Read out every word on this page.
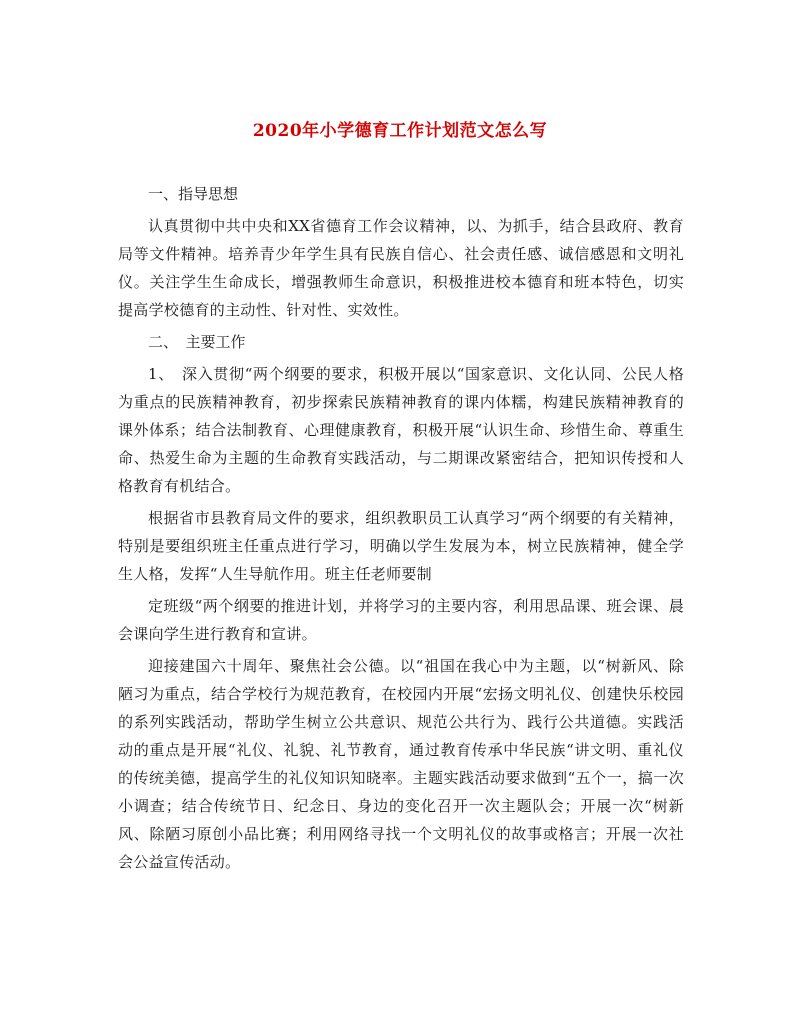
2020年小学德育工作计划范文怎么写
一、指导思想

认真贯彻中共中央和XX省德育工作会议精神，以、为抓手，结合县政府、教育局等文件精神。培养青少年学生具有民族自信心、社会责任感、诚信感恩和文明礼仪。关注学生生命成长，增强教师生命意识，积极推进校本德育和班本特色，切实提高学校德育的主动性、针对性、实效性。

二、　主要工作

1、　深入贯彻“两个纲要的要求，积极开展以“国家意识、文化认同、公民人格为重点的民族精神教育，初步探索民族精神教育的课内体糯，构建民族精神教育的课外体系；结合法制教育、心理健康教育，积极开展“认识生命、珍惜生命、尊重生命、热爱生命为主题的生命教育实践活动，与二期课改紧密结合，把知识传授和人格教育有机结合。

根据省市县教育局文件的要求，组织教职员工认真学习“两个纲要的有关精神，特别是要组织班主任重点进行学习，明确以学生发展为本，树立民族精神，健全学生人格，发挥“人生导航作用。班主任老师要制

定班级“两个纲要的推进计划，并将学习的主要内容，利用思品课、班会课、晨会课向学生进行教育和宣讲。

迎接建国六十周年、聚焦社会公德。以“祖国在我心中为主题，以“树新风、除陋习为重点，结合学校行为规范教育，在校园内开展“宏扬文明礼仪、创建快乐校园的系列实践活动，帮助学生树立公共意识、规范公共行为、践行公共道德。实践活动的重点是开展“礼仪、礼貌、礼节教育，通过教育传承中华民族“讲文明、重礼仪的传统美德，提高学生的礼仪知识知晓率。主题实践活动要求做到“五个一，搞一次小调查；结合传统节日、纪念日、身边的变化召开一次主题队会；开展一次“树新风、除陋习原创小品比赛；利用网络寻找一个文明礼仪的故事或格言；开展一次社会公益宣传活动。
